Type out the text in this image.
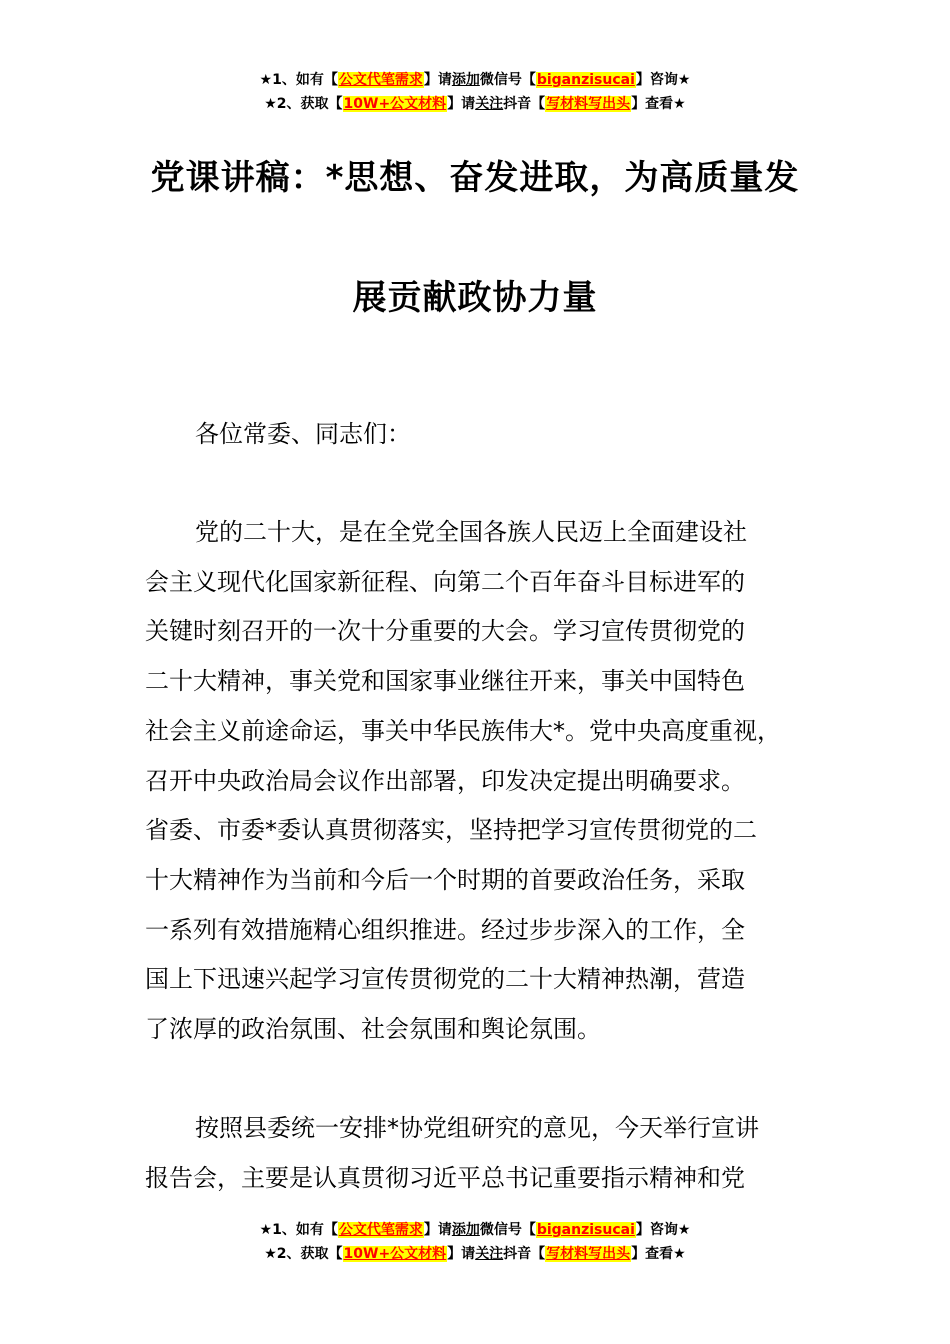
★1、如有【公文代笔需求】请添加微信号【biganzisucai】咨询★
★2、获取【10W+公文材料】请关注抖音【写材料写出头】查看★
党课讲稿：*思想、奋发进取，为高质量发
展贡献政协力量
各位常委、同志们：
党的二十大，是在全党全国各族人民迈上全面建设社
会主义现代化国家新征程、向第二个百年奋斗目标进军的
关键时刻召开的一次十分重要的大会。学习宣传贯彻党的
二十大精神，事关党和国家事业继往开来，事关中国特色
社会主义前途命运，事关中华民族伟大*。党中央高度重视，
召开中央政治局会议作出部署，印发决定提出明确要求。
省委、市委*委认真贯彻落实，坚持把学习宣传贯彻党的二
十大精神作为当前和今后一个时期的首要政治任务，采取
一系列有效措施精心组织推进。经过步步深入的工作，全
国上下迅速兴起学习宣传贯彻党的二十大精神热潮，营造
了浓厚的政治氛围、社会氛围和舆论氛围。
按照县委统一安排*协党组研究的意见，今天举行宣讲
报告会，主要是认真贯彻习近平总书记重要指示精神和党
★1、如有【公文代笔需求】请添加微信号【biganzisucai】咨询★
★2、获取【10W+公文材料】请关注抖音【写材料写出头】查看★
